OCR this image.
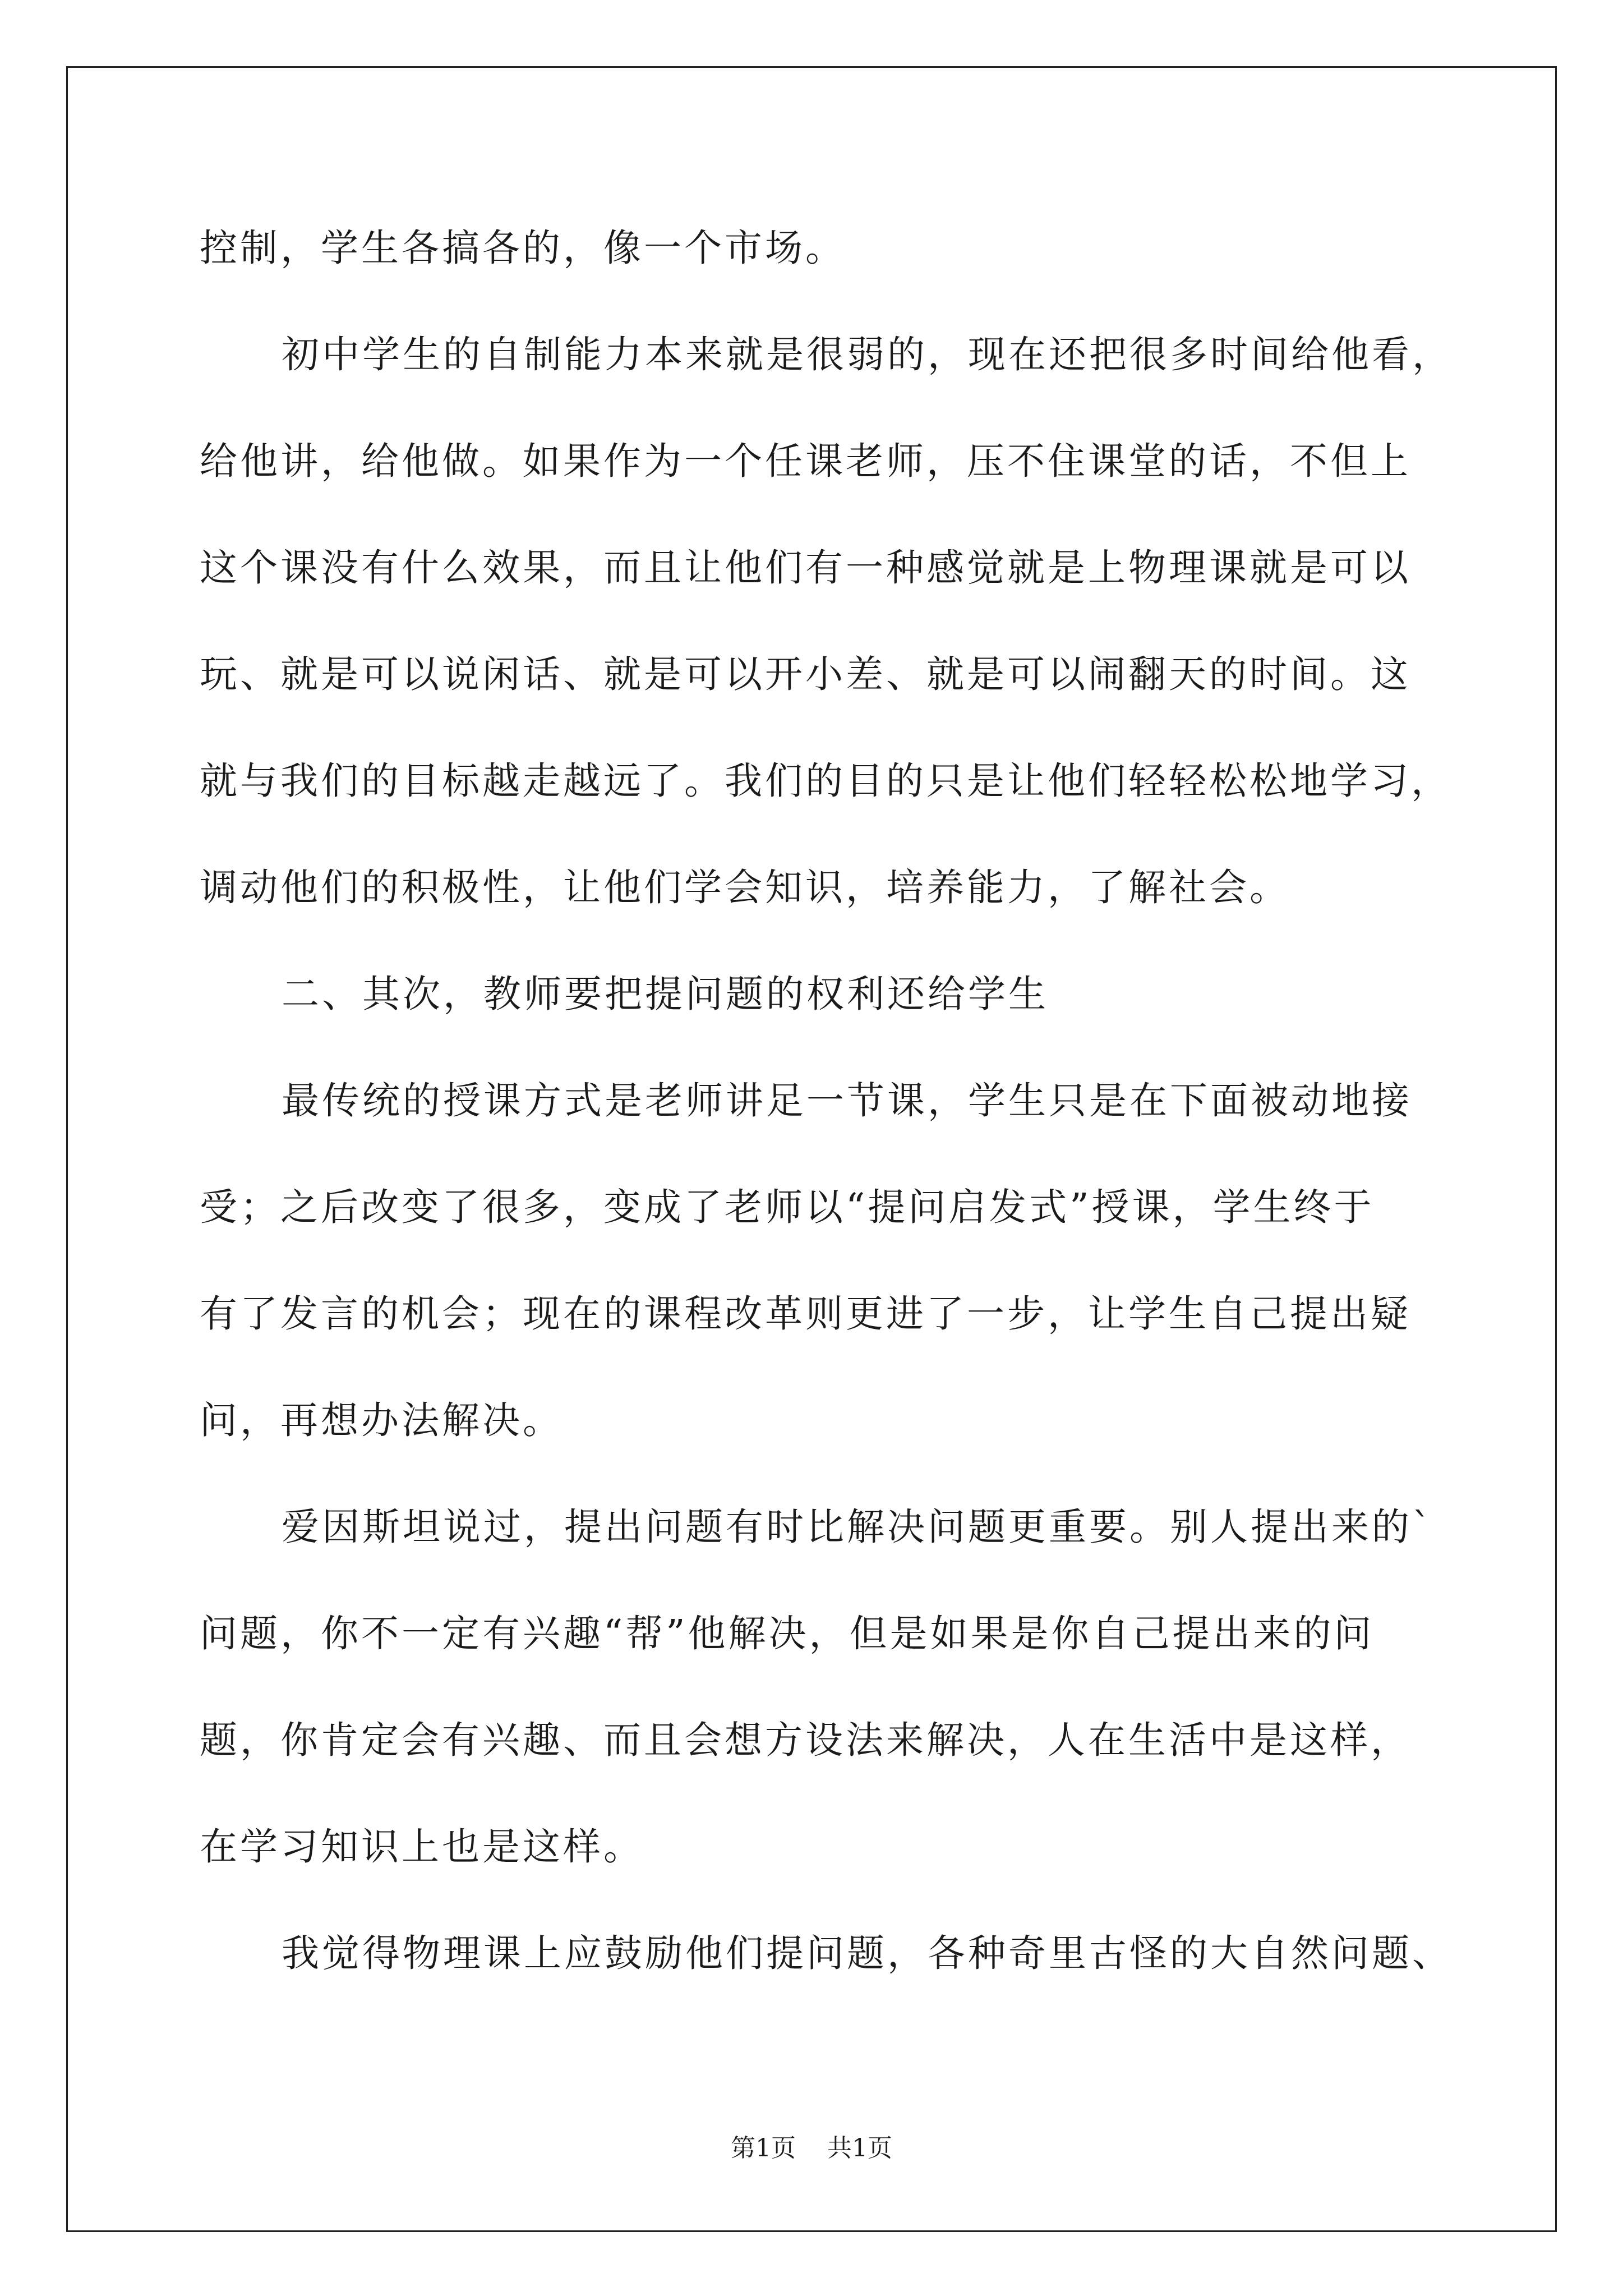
控制，学生各搞各的，像一个市场。
初中学生的自制能力本来就是很弱的，现在还把很多时间给他看，
给他讲，给他做。如果作为一个任课老师，压不住课堂的话，不但上
这个课没有什么效果，而且让他们有一种感觉就是上物理课就是可以
玩、就是可以说闲话、就是可以开小差、就是可以闹翻天的时间。这
就与我们的目标越走越远了。我们的目的只是让他们轻轻松松地学习，
调动他们的积极性，让他们学会知识，培养能力，了解社会。
二、其次，教师要把提问题的权利还给学生
最传统的授课方式是老师讲足一节课，学生只是在下面被动地接
受；之后改变了很多，变成了老师以“提问启发式”授课，学生终于
有了发言的机会；现在的课程改革则更进了一步，让学生自己提出疑
问，再想办法解决。
爱因斯坦说过，提出问题有时比解决问题更重要。别人提出来的`
问题，你不一定有兴趣“帮”他解决，但是如果是你自己提出来的问
题，你肯定会有兴趣、而且会想方设法来解决，人在生活中是这样，
在学习知识上也是这样。
我觉得物理课上应鼓励他们提问题，各种奇里古怪的大自然问题、
第1页 共1页
